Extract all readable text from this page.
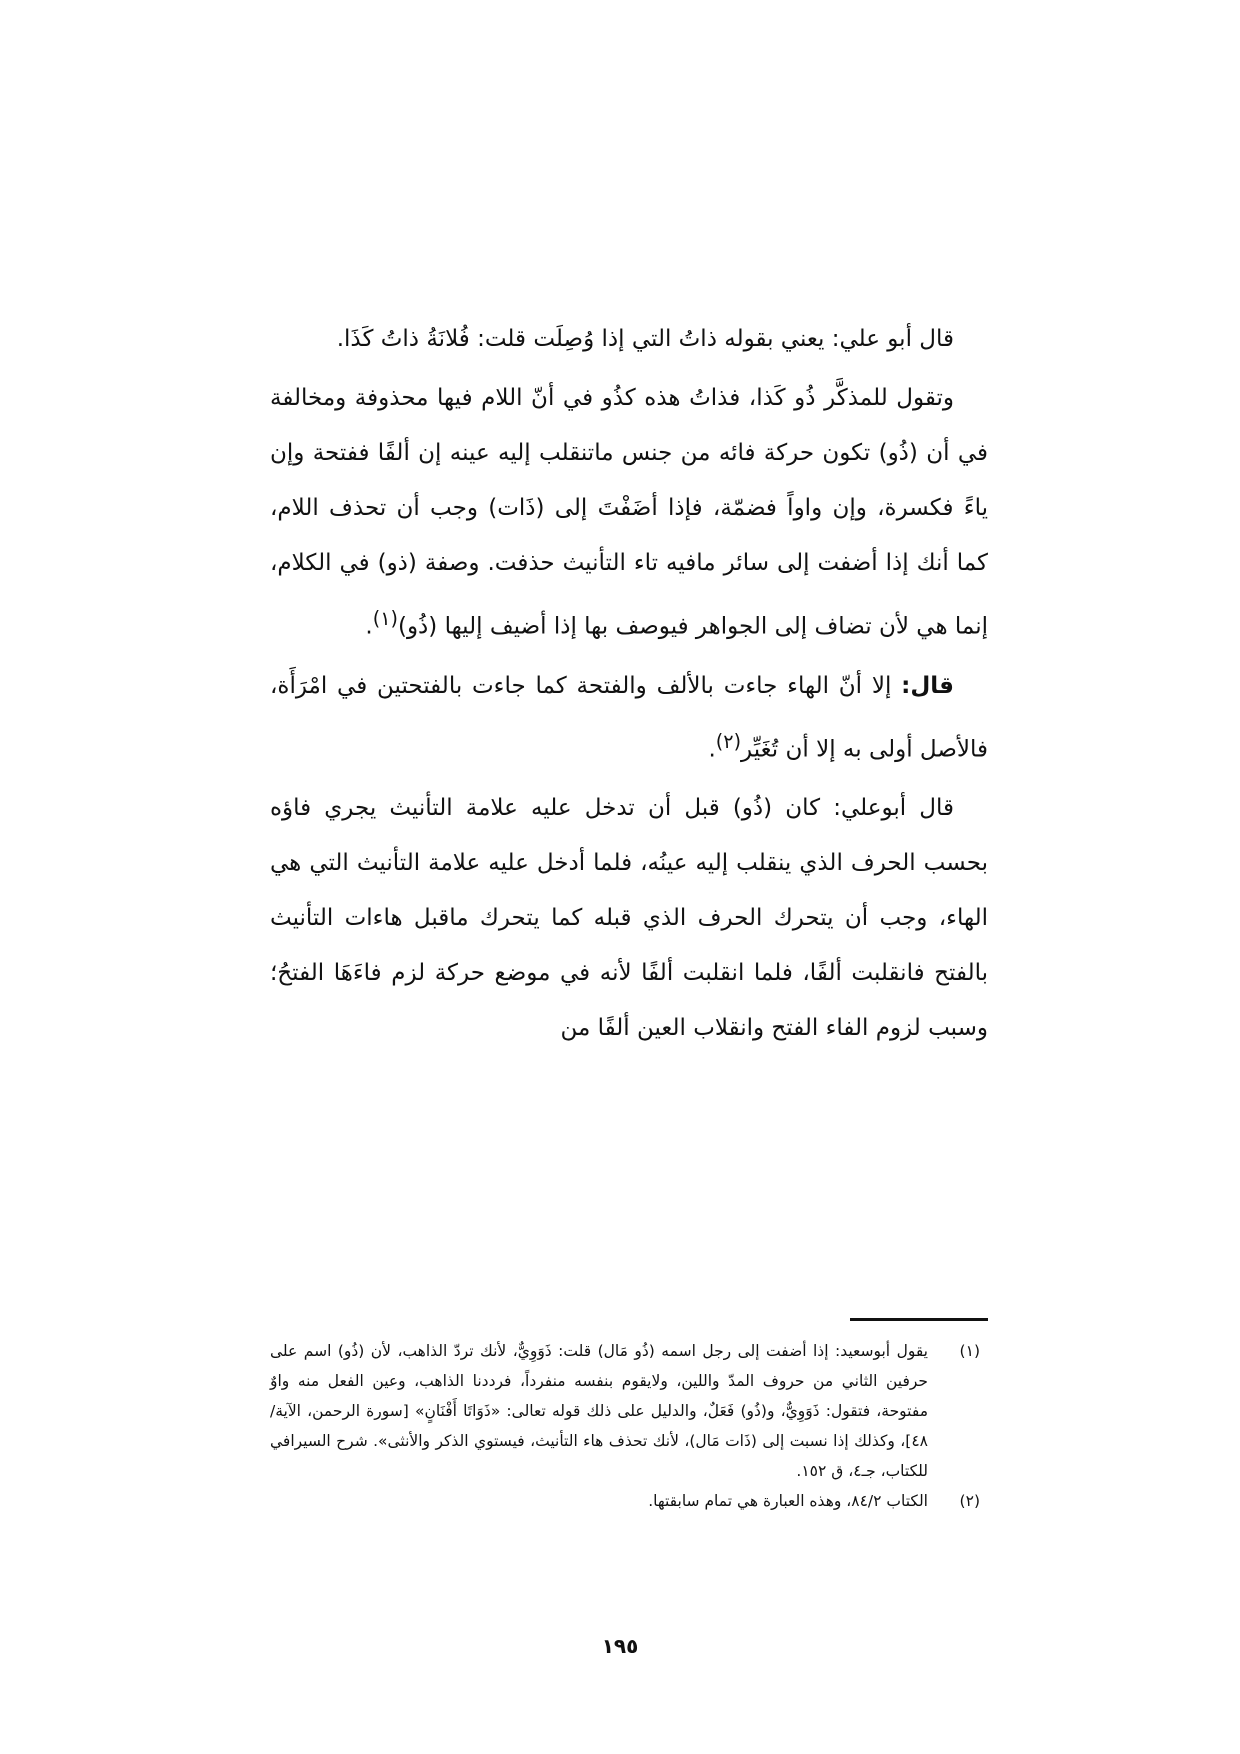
قال أبو علي: يعني بقوله ذاتُ التي إذا وُصِلَت قلت: فُلانَةُ ذاتُ كَذَا.

وتقول للمذكَّر ذُو كَذا، فذاتُ هذه كذُو في أنّ اللام فيها محذوفة ومخالفة في أن (ذُو) تكون حركة فائه من جنس ماتنقلب إليه عينه إن ألفًا ففتحة وإن ياءً فكسرة، وإن واواً فضمّة، فإذا أضَفْتَ إلى (ذَات) وجب أن تحذف اللام، كما أنك إذا أضفت إلى سائر مافيه تاء التأنيث حذفت. وصفة (ذو) في الكلام، إنما هي لأن تضاف إلى الجواهر فيوصف بها إذا أضيف إليها (ذُو)$^{(١)}$.

قال: إلا أنّ الهاء جاءت بالألف والفتحة كما جاءت بالفتحتين في امْرَأَة، فالأصل أولى به إلا أن تُغَيِّر$^{(٢)}$.

قال أبوعلي: كان (ذُو) قبل أن تدخل عليه علامة التأنيث يجري فاؤه بحسب الحرف الذي ينقلب إليه عينُه، فلما أدخل عليه علامة التأنيث التي هي الهاء، وجب أن يتحرك الحرف الذي قبله كما يتحرك ماقبل هاءات التأنيث بالفتح فانقلبت ألفًا، فلما انقلبت ألفًا لأنه في موضع حركة لزم فاءَهَا الفتحُ؛ وسبب لزوم الفاء الفتح وانقلاب العين ألفًا من

(١)
يقول أبوسعيد: إذا أضفت إلى رجل اسمه (ذُو مَال) قلت: ذَوَوِيٌّ، لأنك تردّ الذاهب، لأن (ذُو) اسم على حرفين الثاني من حروف المدّ واللين، ولايقوم بنفسه منفرداً، فرددنا الذاهب، وعين الفعل منه واوٌ مفتوحة، فتقول: ذَوَوِيٌّ، و(ذُو) فَعَلٌ، والدليل على ذلك قوله تعالى: «ذَوَاتَا أَفْنَانٍ» [سورة الرحمن، الآية/٤٨]، وكذلك إذا نسبت إلى (ذَات مَال)، لأنك تحذف هاء التأنيث، فيستوي الذكر والأنثى». شرح السيرافي للكتاب، جـ٤، ق ١٥٢.
(٢)
الكتاب ٨٤/٢، وهذه العبارة هي تمام سابقتها.
١٩٥
